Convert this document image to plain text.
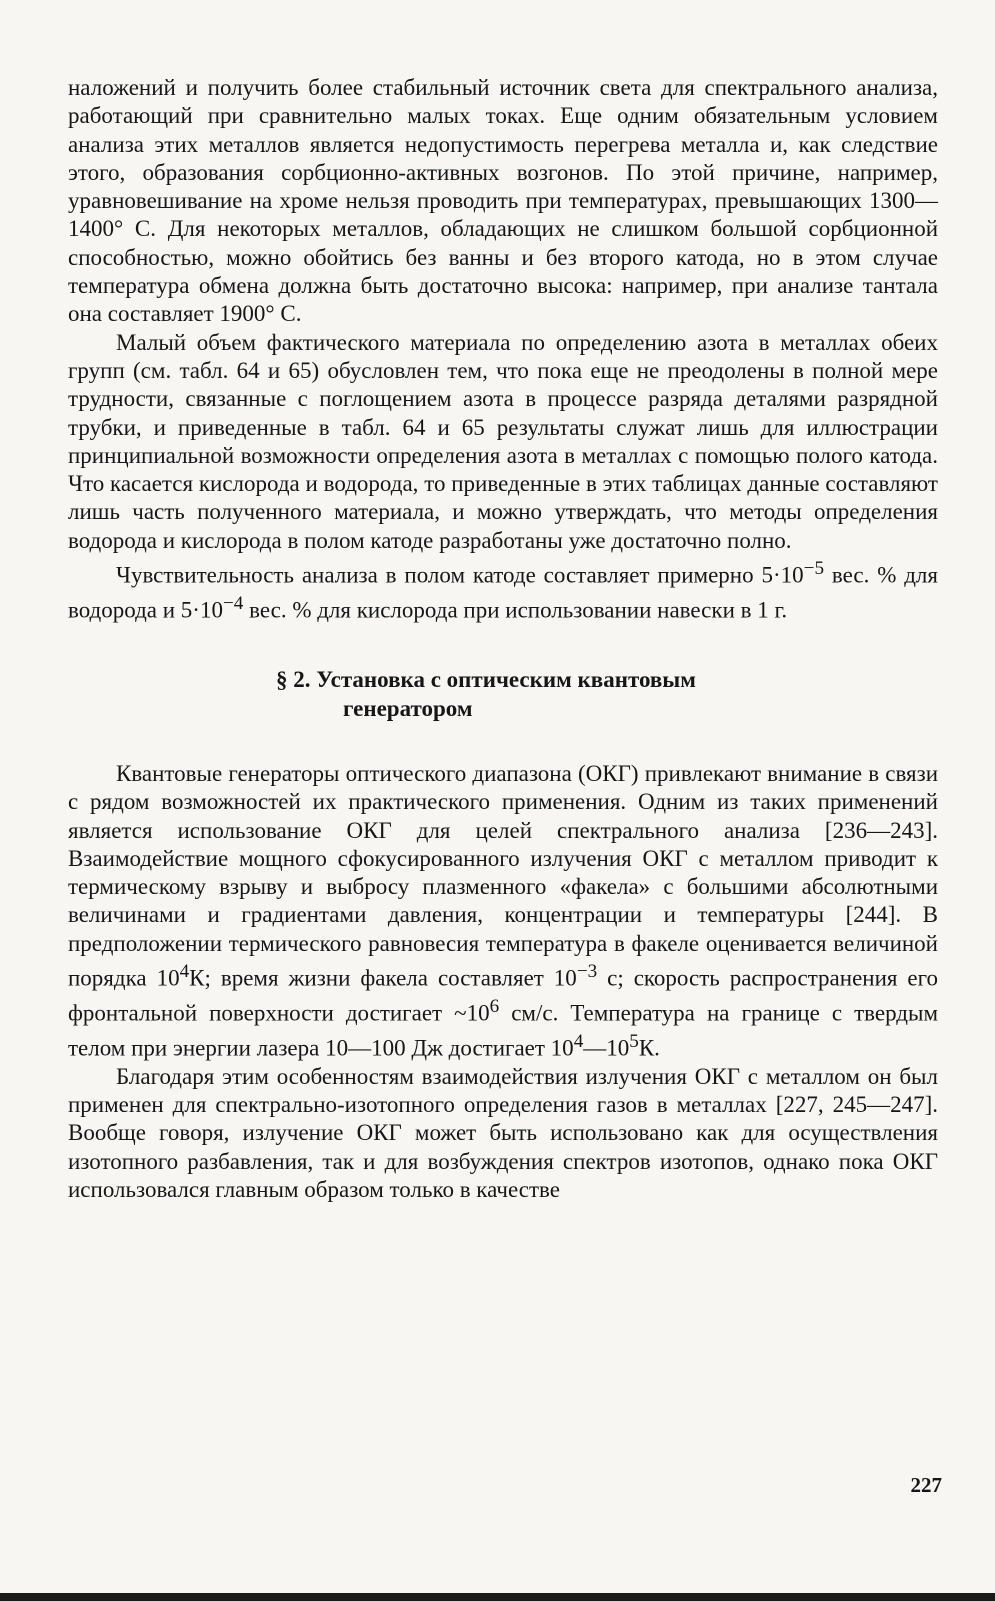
наложений и получить более стабильный источник света для спектрального анализа, работающий при сравнительно малых токах. Еще одним обязательным условием анализа этих металлов является недопустимость перегрева металла и, как следствие этого, образования сорбционно-активных возгонов. По этой причине, например, уравновешивание на хроме нельзя проводить при температурах, превышающих 1300—1400° С. Для некоторых металлов, обладающих не слишком большой сорбционной способностью, можно обойтись без ванны и без второго катода, но в этом случае температура обмена должна быть достаточно высока: например, при анализе тантала она составляет 1900° С.

Малый объем фактического материала по определению азота в металлах обеих групп (см. табл. 64 и 65) обусловлен тем, что пока еще не преодолены в полной мере трудности, связанные с поглощением азота в процессе разряда деталями разрядной трубки, и приведенные в табл. 64 и 65 результаты служат лишь для иллюстрации принципиальной возможности определения азота в металлах с помощью полого катода. Что касается кислорода и водорода, то приведенные в этих таблицах данные составляют лишь часть полученного материала, и можно утверждать, что методы определения водорода и кислорода в полом катоде разработаны уже достаточно полно.

Чувствительность анализа в полом катоде составляет примерно $5\cdot 10^{-5}$ вес. % для водорода и $5\cdot 10^{-4}$ вес. % для кислорода при использовании навески в 1 г.

§ 2. Установка с оптическим квантовым
генератором

Квантовые генераторы оптического диапазона (ОКГ) привлекают внимание в связи с рядом возможностей их практического применения. Одним из таких применений является использование ОКГ для целей спектрального анализа [236—243]. Взаимодействие мощного сфокусированного излучения ОКГ с металлом приводит к термическому взрыву и выбросу плазменного «факела» с большими абсолютными величинами и градиентами давления, концентрации и температуры [244]. В предположении термического равновесия температура в факеле оценивается величиной порядка $10^4К$; время жизни факела составляет $10^{-3}$ с; скорость распространения его фронтальной поверхности достигает $\sim 10^6$ см/с. Температура на границе с твердым телом при энергии лазера 10—100 Дж достигает $10^4—10^5К$.

Благодаря этим особенностям взаимодействия излучения ОКГ с металлом он был применен для спектрально-изотопного определения газов в металлах [227, 245—247]. Вообще говоря, излучение ОКГ может быть использовано как для осуществления изотопного разбавления, так и для возбуждения спектров изотопов, однако пока ОКГ использовался главным образом только в качестве

227
